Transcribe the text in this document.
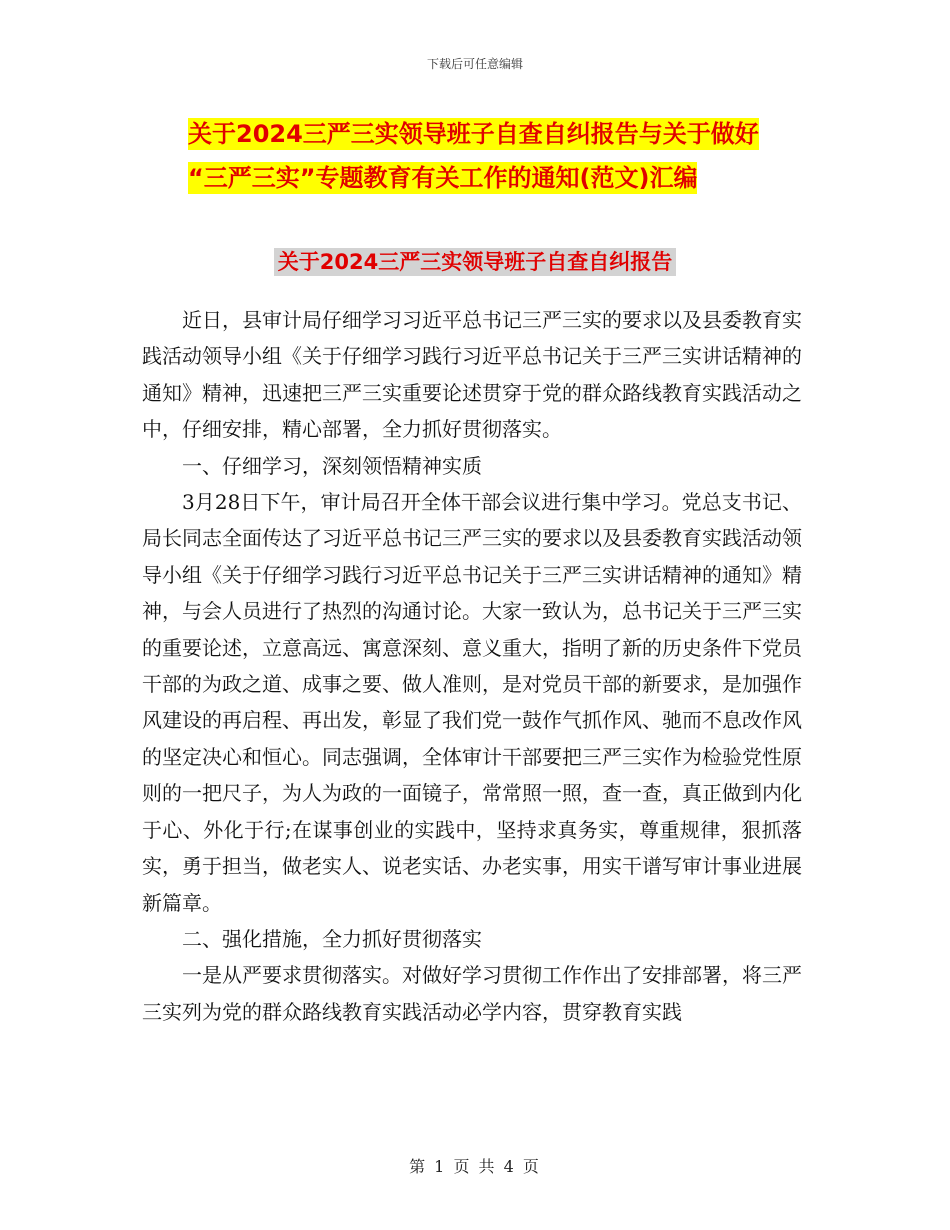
下载后可任意编辑
关于2024三严三实领导班子自查自纠报告与关于做好
“三严三实”专题教育有关工作的通知(范文)汇编
关于2024三严三实领导班子自查自纠报告

近日，县审计局仔细学习习近平总书记三严三实的要求以及县委教育实践活动领导小组《关于仔细学习践行习近平总书记关于三严三实讲话精神的通知》精神，迅速把三严三实重要论述贯穿于党的群众路线教育实践活动之中，仔细安排，精心部署，全力抓好贯彻落实。

一、仔细学习，深刻领悟精神实质

3月28日下午，审计局召开全体干部会议进行集中学习。党总支书记、局长同志全面传达了习近平总书记三严三实的要求以及县委教育实践活动领导小组《关于仔细学习践行习近平总书记关于三严三实讲话精神的通知》精神，与会人员进行了热烈的沟通讨论。大家一致认为，总书记关于三严三实的重要论述，立意高远、寓意深刻、意义重大，指明了新的历史条件下党员干部的为政之道、成事之要、做人准则，是对党员干部的新要求，是加强作风建设的再启程、再出发，彰显了我们党一鼓作气抓作风、驰而不息改作风的坚定决心和恒心。同志强调，全体审计干部要把三严三实作为检验党性原则的一把尺子，为人为政的一面镜子，常常照一照，查一查，真正做到内化于心、外化于行;在谋事创业的实践中，坚持求真务实，尊重规律，狠抓落实，勇于担当，做老实人、说老实话、办老实事，用实干谱写审计事业进展新篇章。

二、强化措施，全力抓好贯彻落实

一是从严要求贯彻落实。对做好学习贯彻工作作出了安排部署，将三严三实列为党的群众路线教育实践活动必学内容，贯穿教育实践

第 1 页 共 4 页
